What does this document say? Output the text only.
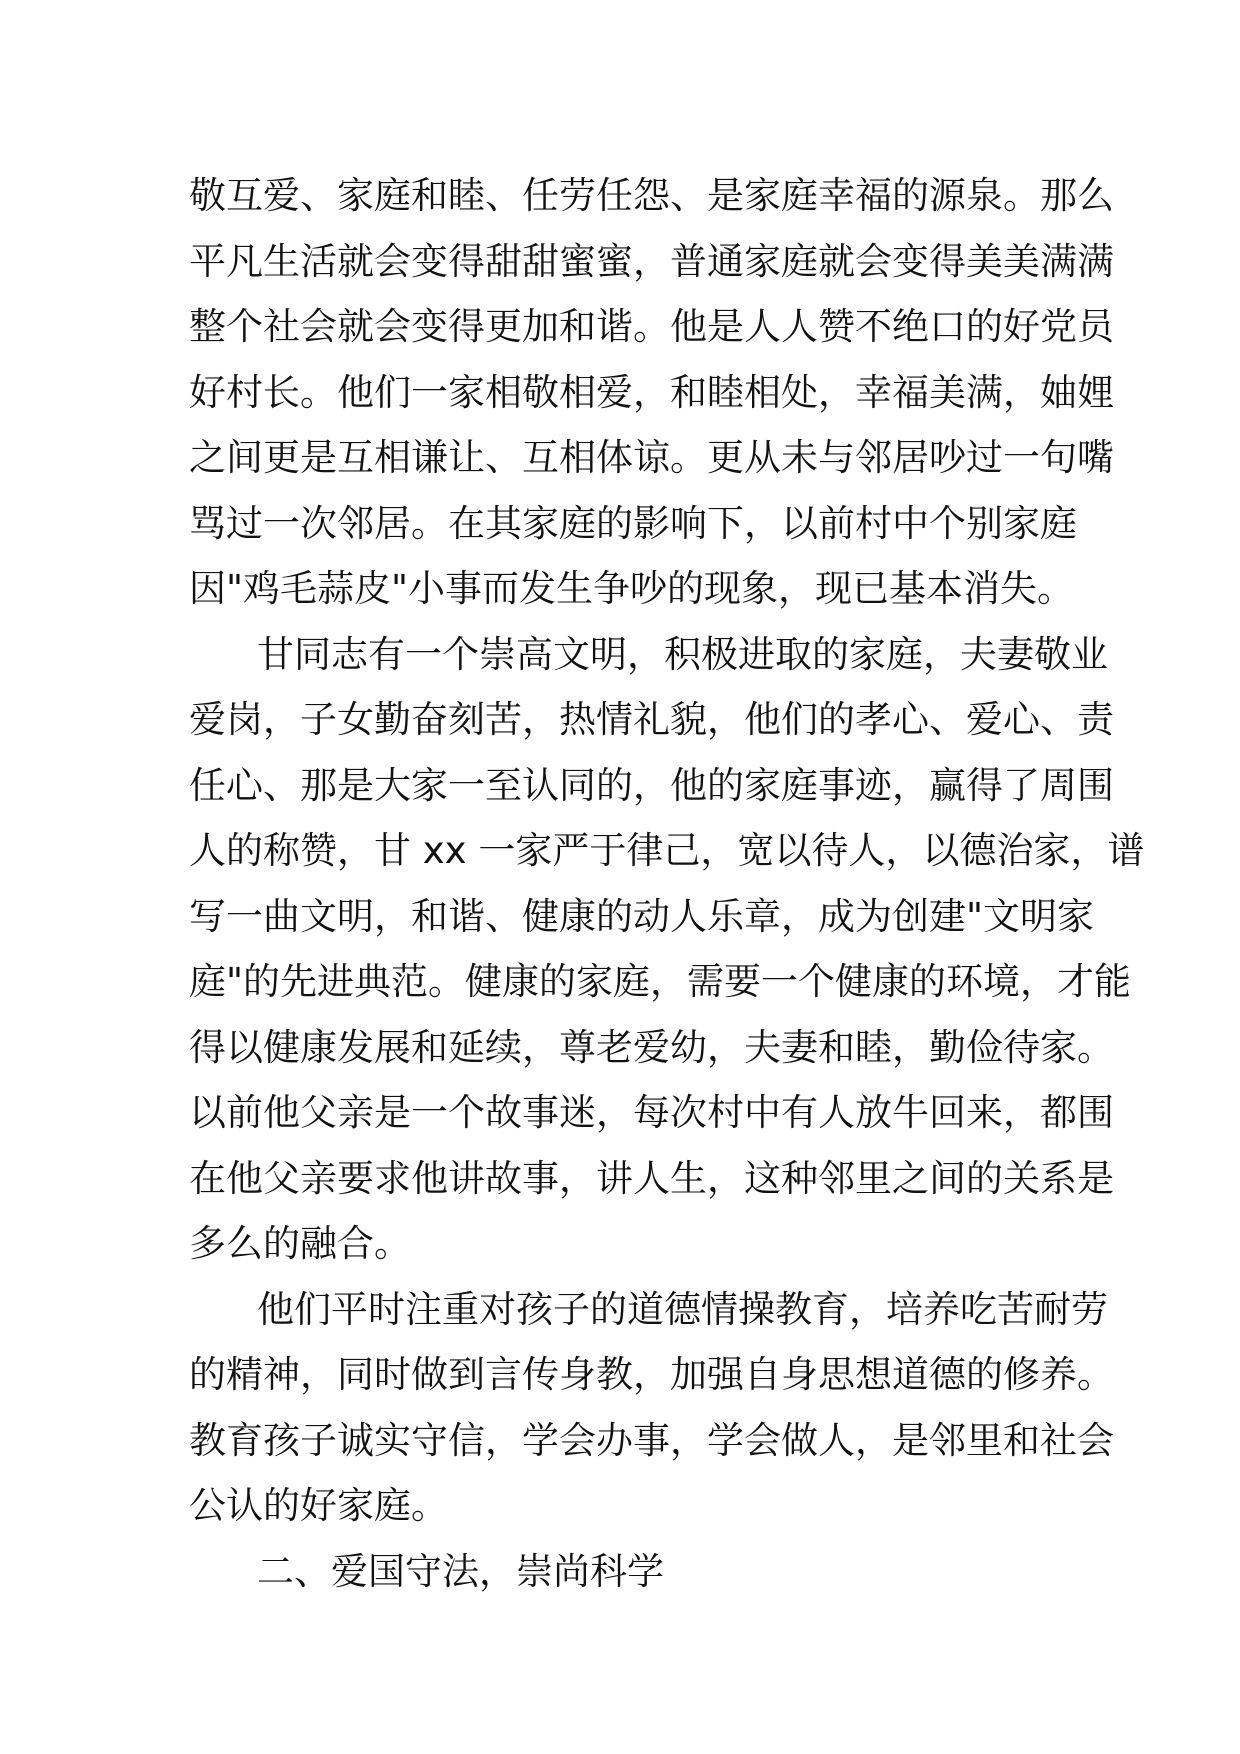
敬互爱、家庭和睦、任劳任怨、是家庭幸福的源泉。那么
平凡生活就会变得甜甜蜜蜜，普通家庭就会变得美美满满
整个社会就会变得更加和谐。他是人人赞不绝口的好党员
好村长。他们一家相敬相爱，和睦相处，幸福美满，妯娌
之间更是互相谦让、互相体谅。更从未与邻居吵过一句嘴
骂过一次邻居。在其家庭的影响下，以前村中个别家庭
因"鸡毛蒜皮"小事而发生争吵的现象，现已基本消失。
甘同志有一个崇高文明，积极进取的家庭，夫妻敬业
爱岗，子女勤奋刻苦，热情礼貌，他们的孝心、爱心、责
任心、那是大家一至认同的，他的家庭事迹，赢得了周围
人的称赞，甘 xx 一家严于律己，宽以待人，以德治家，谱
写一曲文明，和谐、健康的动人乐章，成为创建"文明家
庭"的先进典范。健康的家庭，需要一个健康的环境，才能
得以健康发展和延续，尊老爱幼，夫妻和睦，勤俭待家。
以前他父亲是一个故事迷，每次村中有人放牛回来，都围
在他父亲要求他讲故事，讲人生，这种邻里之间的关系是
多么的融合。
他们平时注重对孩子的道德情操教育，培养吃苦耐劳
的精神，同时做到言传身教，加强自身思想道德的修养。
教育孩子诚实守信，学会办事，学会做人，是邻里和社会
公认的好家庭。
二、爱国守法，崇尚科学
